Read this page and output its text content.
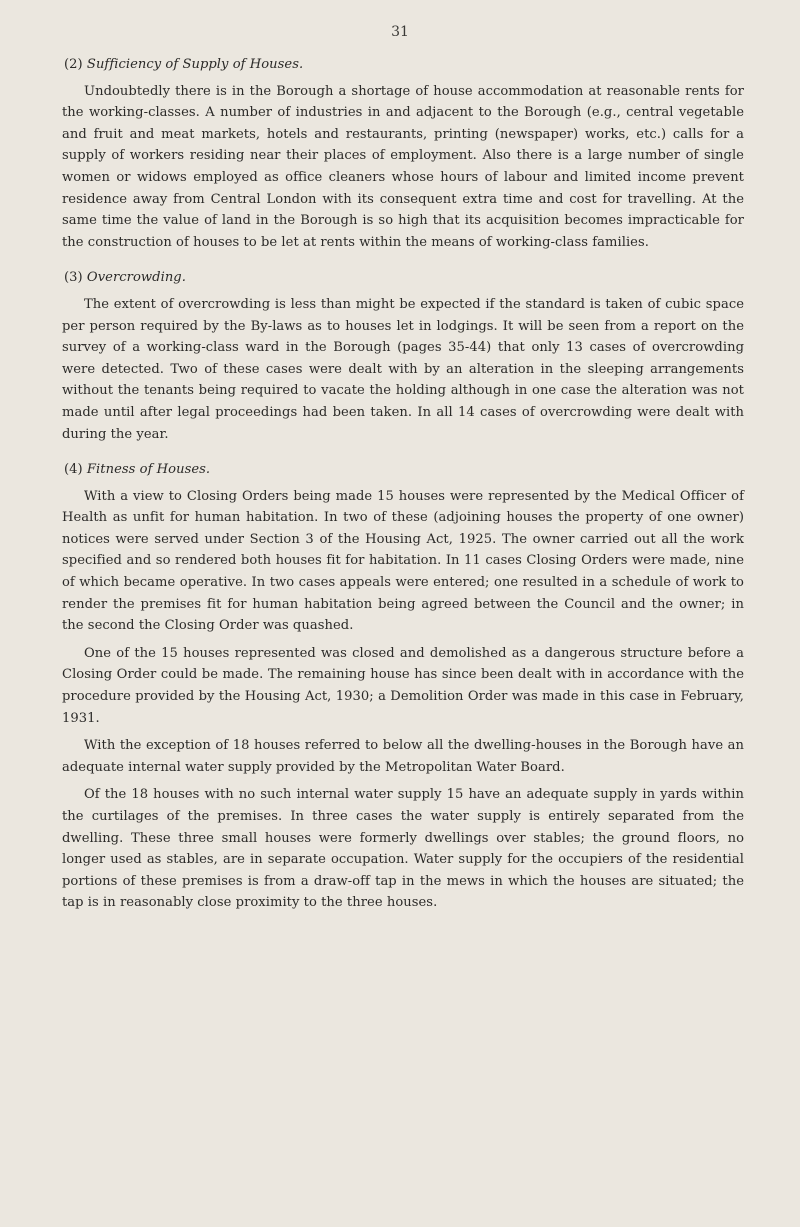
31
(2) Sufficiency of Supply of Houses.

Undoubtedly there is in the Borough a shortage of house accommodation at reasonable rents for the working-classes. A number of industries in and adjacent to the Borough (e.g., central vegetable and fruit and meat markets, hotels and restaurants, printing (newspaper) works, etc.) calls for a supply of workers residing near their places of employment. Also there is a large number of single women or widows employed as office cleaners whose hours of labour and limited income prevent residence away from Central London with its consequent extra time and cost for travelling. At the same time the value of land in the Borough is so high that its acquisition becomes impracticable for the construction of houses to be let at rents within the means of working-class families.

(3) Overcrowding.

The extent of overcrowding is less than might be expected if the standard is taken of cubic space per person required by the By-laws as to houses let in lodgings. It will be seen from a report on the survey of a working-class ward in the Borough (pages 35-44) that only 13 cases of overcrowding were detected. Two of these cases were dealt with by an alteration in the sleeping arrangements without the tenants being required to vacate the holding although in one case the alteration was not made until after legal proceedings had been taken. In all 14 cases of overcrowding were dealt with during the year.

(4) Fitness of Houses.

With a view to Closing Orders being made 15 houses were represented by the Medical Officer of Health as unfit for human habitation. In two of these (adjoining houses the property of one owner) notices were served under Section 3 of the Housing Act, 1925. The owner carried out all the work specified and so rendered both houses fit for habitation. In 11 cases Closing Orders were made, nine of which became operative. In two cases appeals were entered; one resulted in a schedule of work to render the premises fit for human habitation being agreed between the Council and the owner; in the second the Closing Order was quashed.

One of the 15 houses represented was closed and demolished as a dangerous structure before a Closing Order could be made. The remaining house has since been dealt with in accordance with the procedure provided by the Housing Act, 1930; a Demolition Order was made in this case in February, 1931.

With the exception of 18 houses referred to below all the dwelling-houses in the Borough have an adequate internal water supply provided by the Metropolitan Water Board.

Of the 18 houses with no such internal water supply 15 have an adequate supply in yards within the curtilages of the premises. In three cases the water supply is entirely separated from the dwelling. These three small houses were formerly dwellings over stables; the ground floors, no longer used as stables, are in separate occupation. Water supply for the occupiers of the residential portions of these premises is from a draw-off tap in the mews in which the houses are situated; the tap is in reasonably close proximity to the three houses.
